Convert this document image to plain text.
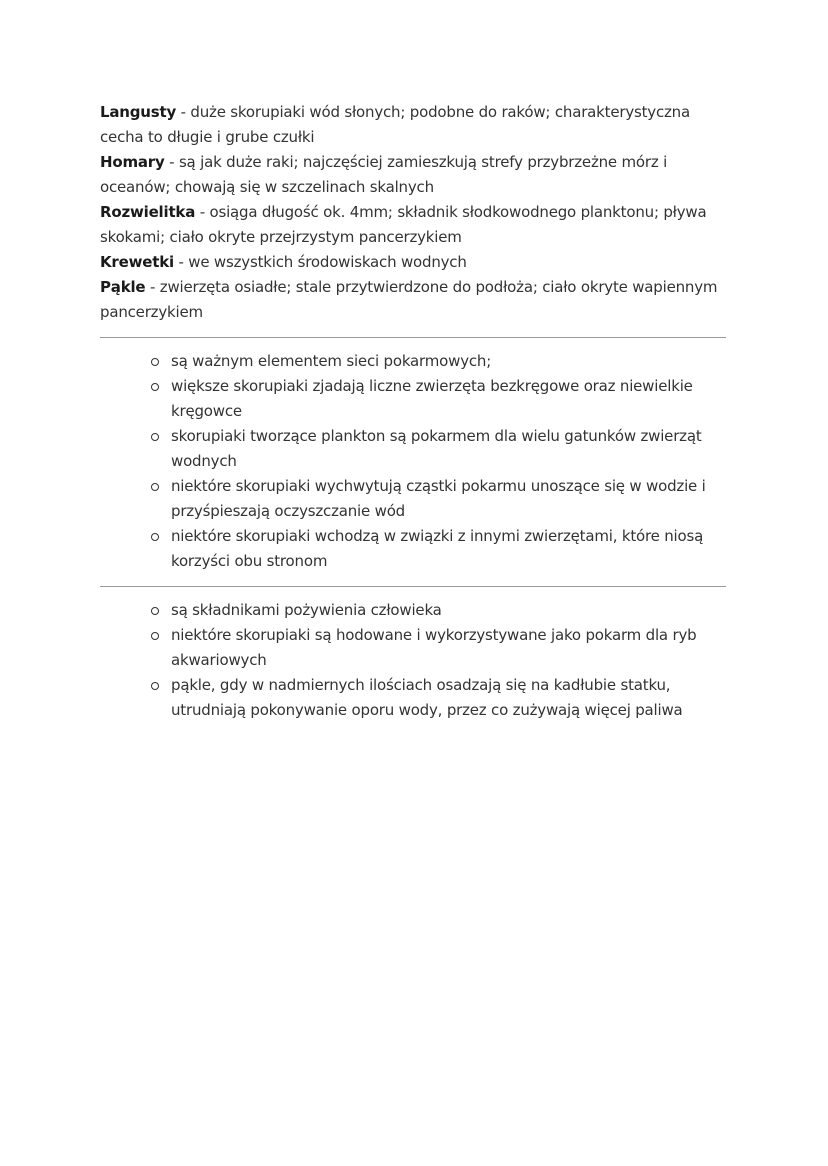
Langusty - duże skorupiaki wód słonych; podobne do raków; charakterystyczna cecha to długie i grube czułki
Homary - są jak duże raki; najczęściej zamieszkują strefy przybrzeżne mórz i oceanów; chowają się w szczelinach skalnych
Rozwielitka - osiąga długość ok. 4mm; składnik słodkowodnego planktonu; pływa skokami; ciało okryte przejrzystym pancerzykiem
Krewetki - we wszystkich środowiskach wodnych
Pąkle - zwierzęta osiadłe; stale przytwierdzone do podłoża; ciało okryte wapiennym pancerzykiem
są ważnym elementem sieci pokarmowych;
większe skorupiaki zjadają liczne zwierzęta bezkręgowe oraz niewielkie kręgowce
skorupiaki tworzące plankton są pokarmem dla wielu gatunków zwierząt wodnych
niektóre skorupiaki wychwytują cząstki pokarmu unoszące się w wodzie i przyśpieszają oczyszczanie wód
niektóre skorupiaki wchodzą w związki z innymi zwierzętami, które niosą korzyści obu stronom
są składnikami pożywienia człowieka
niektóre skorupiaki są hodowane i wykorzystywane jako pokarm dla ryb akwariowych
pąkle, gdy w nadmiernych ilościach osadzają się na kadłubie statku, utrudniają pokonywanie oporu wody, przez co zużywają więcej paliwa
